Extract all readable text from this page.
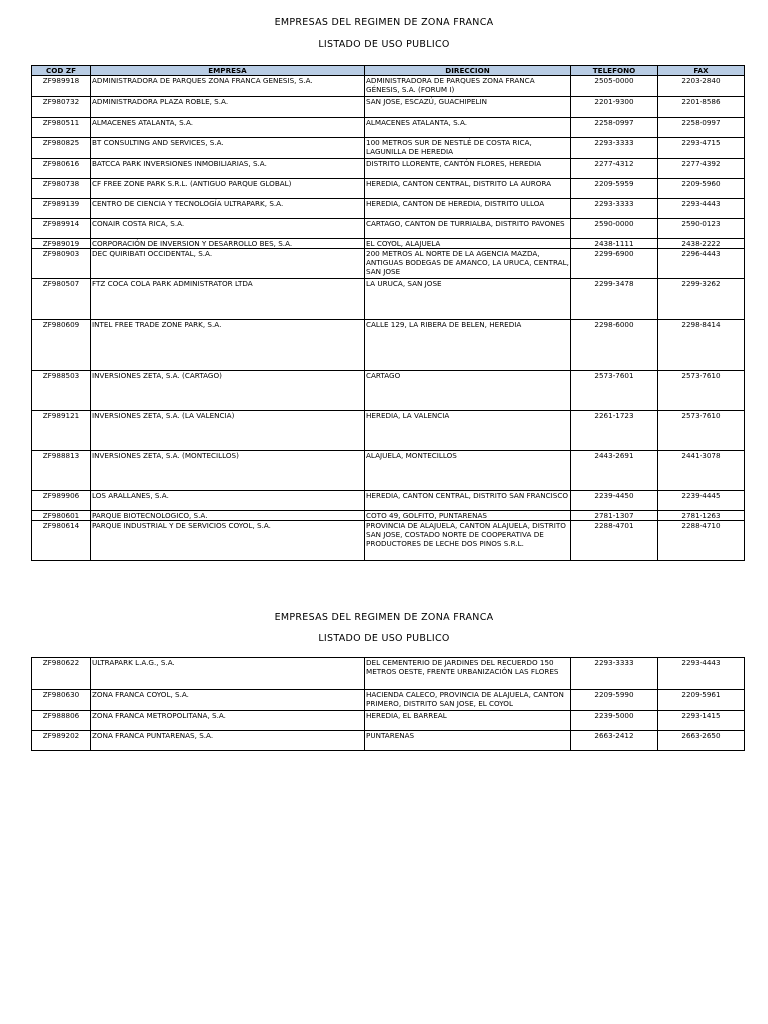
EMPRESAS DEL REGIMEN DE ZONA FRANCA
LISTADO DE USO PUBLICO
COD ZF	EMPRESA	DIRECCION	TELEFONO	FAX
ZF989918	ADMINISTRADORA DE PARQUES ZONA FRANCA GENESIS, S.A.	ADMINISTRADORA DE PARQUES ZONA FRANCA GÉNESIS, S.A. (FORUM I)	2505-0000	2203-2840
ZF980732	ADMINISTRADORA PLAZA ROBLE, S.A.	SAN JOSE, ESCAZÚ, GUACHIPELIN	2201-9300	2201-8586
ZF980511	ALMACENES ATALANTA, S.A.	ALMACENES ATALANTA, S.A.	2258-0997	2258-0997
ZF980825	BT CONSULTING AND SERVICES, S.A.	100 METROS SUR DE NESTLÉ DE COSTA RICA, LAGUNILLA DE HEREDIA	2293-3333	2293-4715
ZF980616	BATCCA PARK INVERSIONES INMOBILIARIAS, S.A.	DISTRITO LLORENTE, CANTÓN FLORES, HEREDIA	2277-4312	2277-4392
ZF980738	CF FREE ZONE PARK S.R.L. (ANTIGUO PARQUE GLOBAL)	HEREDIA, CANTON CENTRAL, DISTRITO LA AURORA	2209-5959	2209-5960
ZF989139	CENTRO DE CIENCIA Y TECNOLOGÍA ULTRAPARK, S.A.	HEREDIA, CANTON DE HEREDIA, DISTRITO ULLOA	2293-3333	2293-4443
ZF989914	CONAIR COSTA RICA, S.A.	CARTAGO, CANTON DE TURRIALBA, DISTRITO PAVONES	2590-0000	2590-0123
ZF989019	CORPORACIÓN DE INVERSION Y DESARROLLO BES, S.A.	EL COYOL, ALAJUELA	2438-1111	2438-2222
ZF980903	DEC QUIRIBATI OCCIDENTAL, S.A.	200 METROS AL NORTE DE LA AGENCIA MAZDA, ANTIGUAS BODEGAS DE AMANCO, LA URUCA, CENTRAL, SAN JOSE	2299-6900	2296-4443
ZF980507	FTZ COCA COLA PARK ADMINISTRATOR LTDA	LA URUCA, SAN JOSE	2299-3478	2299-3262
ZF980609	INTEL FREE TRADE ZONE PARK, S.A.	CALLE 129, LA RIBERA DE BELEN, HEREDIA	2298-6000	2298-8414
ZF988503	INVERSIONES ZETA, S.A. (CARTAGO)	CARTAGO	2573-7601	2573-7610
ZF989121	INVERSIONES ZETA, S.A. (LA VALENCIA)	HEREDIA, LA VALENCIA	2261-1723	2573-7610
ZF988813	INVERSIONES ZETA, S.A. (MONTECILLOS)	ALAJUELA, MONTECILLOS	2443-2691	2441-3078
ZF989906	LOS ARALLANES, S.A.	HEREDIA, CANTON CENTRAL, DISTRITO SAN FRANCISCO	2239-4450	2239-4445
ZF980601	PARQUE BIOTECNOLOGICO, S.A.	COTO 49, GOLFITO, PUNTARENAS	2781-1307	2781-1263
ZF980614	PARQUE INDUSTRIAL Y DE SERVICIOS COYOL, S.A.	PROVINCIA DE ALAJUELA, CANTON ALAJUELA, DISTRITO SAN JOSE, COSTADO NORTE DE COOPERATIVA DE PRODUCTORES DE LECHE DOS PINOS S.R.L.	2288-4701	2288-4710
EMPRESAS DEL REGIMEN DE ZONA FRANCA
LISTADO DE USO PUBLICO
ZF980622	ULTRAPARK L.A.G., S.A.	DEL CEMENTERIO DE JARDINES DEL RECUERDO 150 METROS OESTE, FRENTE URBANIZACIÓN LAS FLORES	2293-3333	2293-4443
ZF980630	ZONA FRANCA COYOL, S.A.	HACIENDA CALECO, PROVINCIA DE ALAJUELA, CANTON PRIMERO, DISTRITO SAN JOSE, EL COYOL	2209-5990	2209-5961
ZF988806	ZONA FRANCA METROPOLITANA, S.A.	HEREDIA, EL BARREAL	2239-5000	2293-1415
ZF989202	ZONA FRANCA PUNTARENAS, S.A.	PUNTARENAS	2663-2412	2663-2650
